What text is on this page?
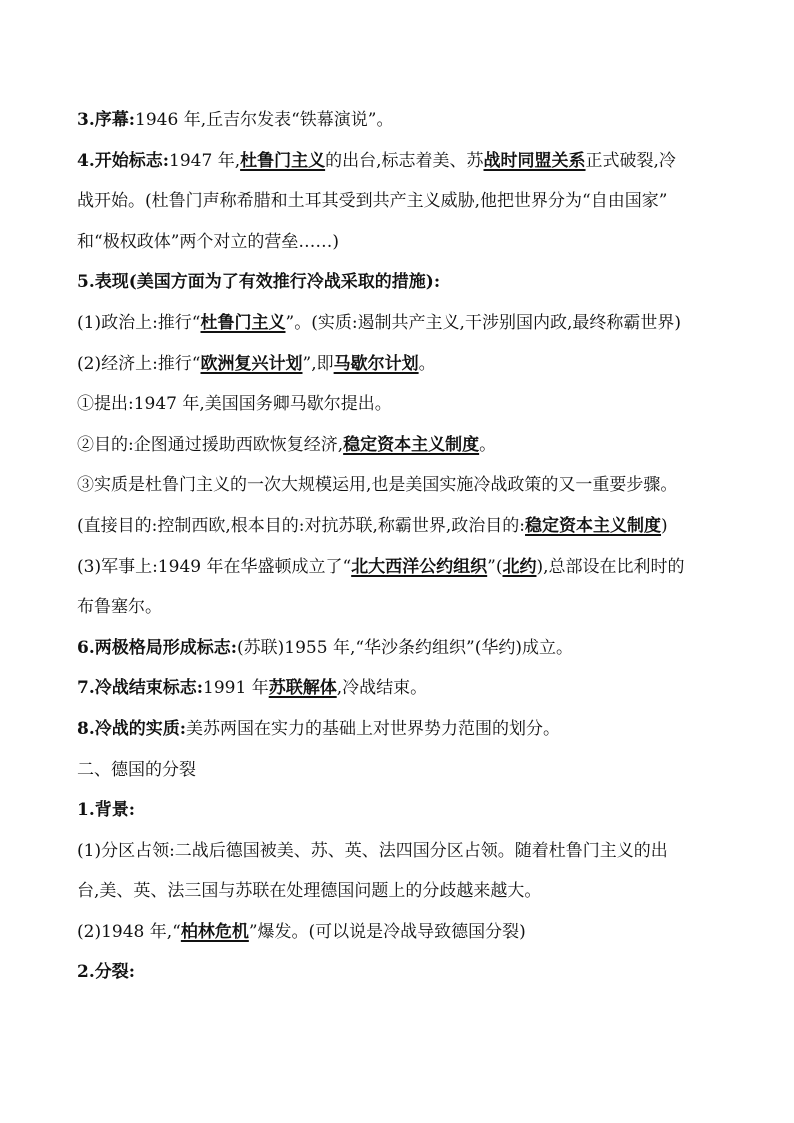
3.序幕:1946 年,丘吉尔发表“铁幕演说”。
4.开始标志:1947 年,杜鲁门主义的出台,标志着美、苏战时同盟关系正式破裂,冷
战开始。(杜鲁门声称希腊和土耳其受到共产主义威胁,他把世界分为“自由国家”
和“极权政体”两个对立的营垒……)
5.表现(美国方面为了有效推行冷战采取的措施):
(1)政治上:推行“杜鲁门主义”。(实质:遏制共产主义,干涉别国内政,最终称霸世界)
(2)经济上:推行“欧洲复兴计划”,即马歇尔计划。
①提出:1947 年,美国国务卿马歇尔提出。
②目的:企图通过援助西欧恢复经济,稳定资本主义制度。
③实质是杜鲁门主义的一次大规模运用,也是美国实施冷战政策的又一重要步骤。
(直接目的:控制西欧,根本目的:对抗苏联,称霸世界,政治目的:稳定资本主义制度)
(3)军事上:1949 年在华盛顿成立了“北大西洋公约组织”(北约),总部设在比利时的
布鲁塞尔。
6.两极格局形成标志:(苏联)1955 年,“华沙条约组织”(华约)成立。
7.冷战结束标志:1991 年苏联解体,冷战结束。
8.冷战的实质:美苏两国在实力的基础上对世界势力范围的划分。
二、德国的分裂
1.背景:
(1)分区占领:二战后德国被美、苏、英、法四国分区占领。随着杜鲁门主义的出
台,美、英、法三国与苏联在处理德国问题上的分歧越来越大。
(2)1948 年,“柏林危机”爆发。(可以说是冷战导致德国分裂)
2.分裂:
